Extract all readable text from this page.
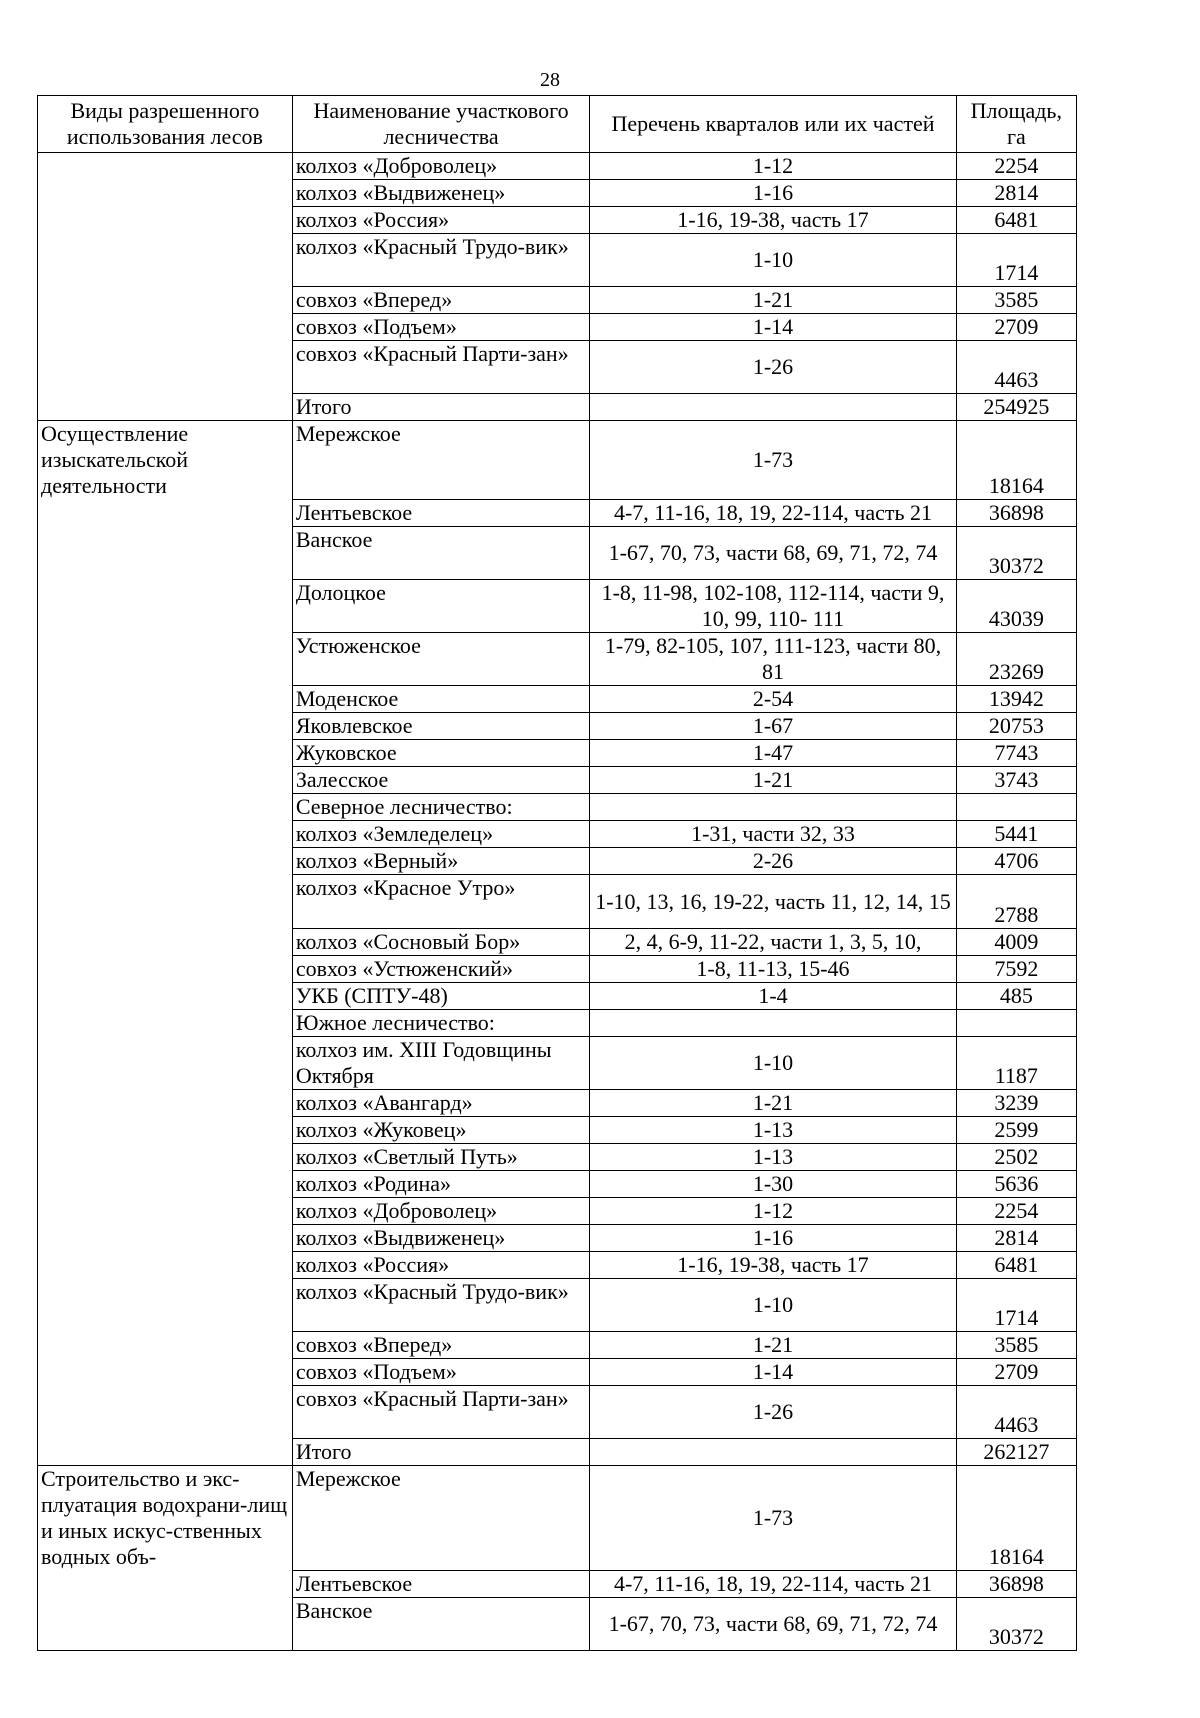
28
Виды разрешенного использования лесов	Наименование участкового лесничества	Перечень кварталов или их частей	Площадь, га
	колхоз «Доброволец»	1-12	2254
	колхоз «Выдвиженец»	1-16	2814
	колхоз «Россия»	1-16, 19-38, часть 17	6481
	колхоз «Красный Трудо-вик»	1-10	1714
	совхоз «Вперед»	1-21	3585
	совхоз «Подъем»	1-14	2709
	совхоз «Красный Парти-зан»	1-26	4463
	Итого		254925
Осуществление изыскательской деятельности	Мережское	1-73	18164
	Лентьевское	4-7, 11-16, 18, 19, 22-114, часть 21	36898
	Ванское	1-67, 70, 73, части 68, 69, 71, 72, 74	30372
	Долоцкое	1-8, 11-98, 102-108, 112-114, части 9, 10, 99, 110- 111	43039
	Устюженское	1-79, 82-105, 107, 111-123, части 80, 81	23269
	Моденское	2-54	13942
	Яковлевское	1-67	20753
	Жуковское	1-47	7743
	Залесское	1-21	3743
	Северное лесничество:		
	колхоз «Земледелец»	1-31, части 32, 33	5441
	колхоз «Верный»	2-26	4706
	колхоз «Красное Утро»	1-10, 13, 16, 19-22, часть 11, 12, 14, 15	2788
	колхоз «Сосновый Бор»	2, 4, 6-9, 11-22, части 1, 3, 5, 10,	4009
	совхоз «Устюженский»	1-8, 11-13, 15-46	7592
	УКБ (СПТУ-48)	1-4	485
	Южное лесничество:		
	колхоз им. XIII Годовщины Октября	1-10	1187
	колхоз «Авангард»	1-21	3239
	колхоз «Жуковец»	1-13	2599
	колхоз «Светлый Путь»	1-13	2502
	колхоз «Родина»	1-30	5636
	колхоз «Доброволец»	1-12	2254
	колхоз «Выдвиженец»	1-16	2814
	колхоз «Россия»	1-16, 19-38, часть 17	6481
	колхоз «Красный Трудо-вик»	1-10	1714
	совхоз «Вперед»	1-21	3585
	совхоз «Подъем»	1-14	2709
	совхоз «Красный Парти-зан»	1-26	4463
	Итого		262127
Строительство и экс-плуатация водохрани-лищ и иных искус-ственных водных объ-	Мережское	1-73	18164
	Лентьевское	4-7, 11-16, 18, 19, 22-114, часть 21	36898
	Ванское	1-67, 70, 73, части 68, 69, 71, 72, 74	30372
